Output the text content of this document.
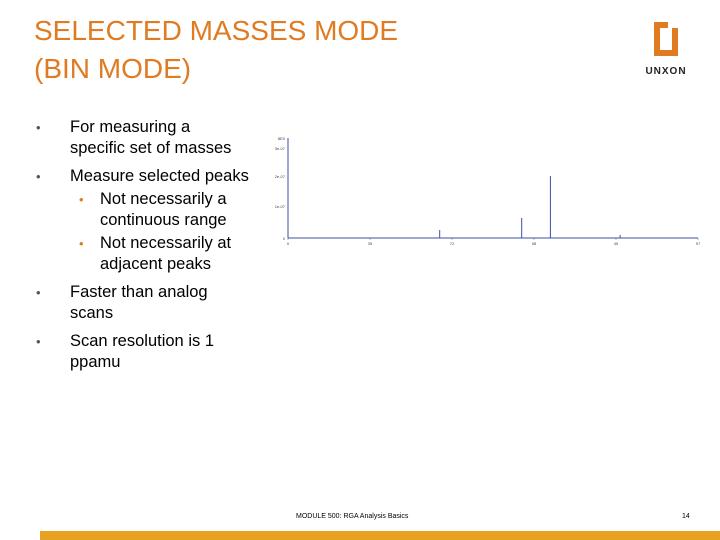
SELECTED MASSES MODE
(BIN MODE)	UNXON
• For measuring a
specific set of masses
• Measure selected peaks
• Not necessarily a
continuous range
• Not necessarily at
adjacent peaks
• Faster than analog
scans
• Scan resolution is 1
ppamu
8E0
3e-07
2e-07
1e-07
0
0	35	72	98	45	97
MODULE 500: RGA Analysis Basics	14
